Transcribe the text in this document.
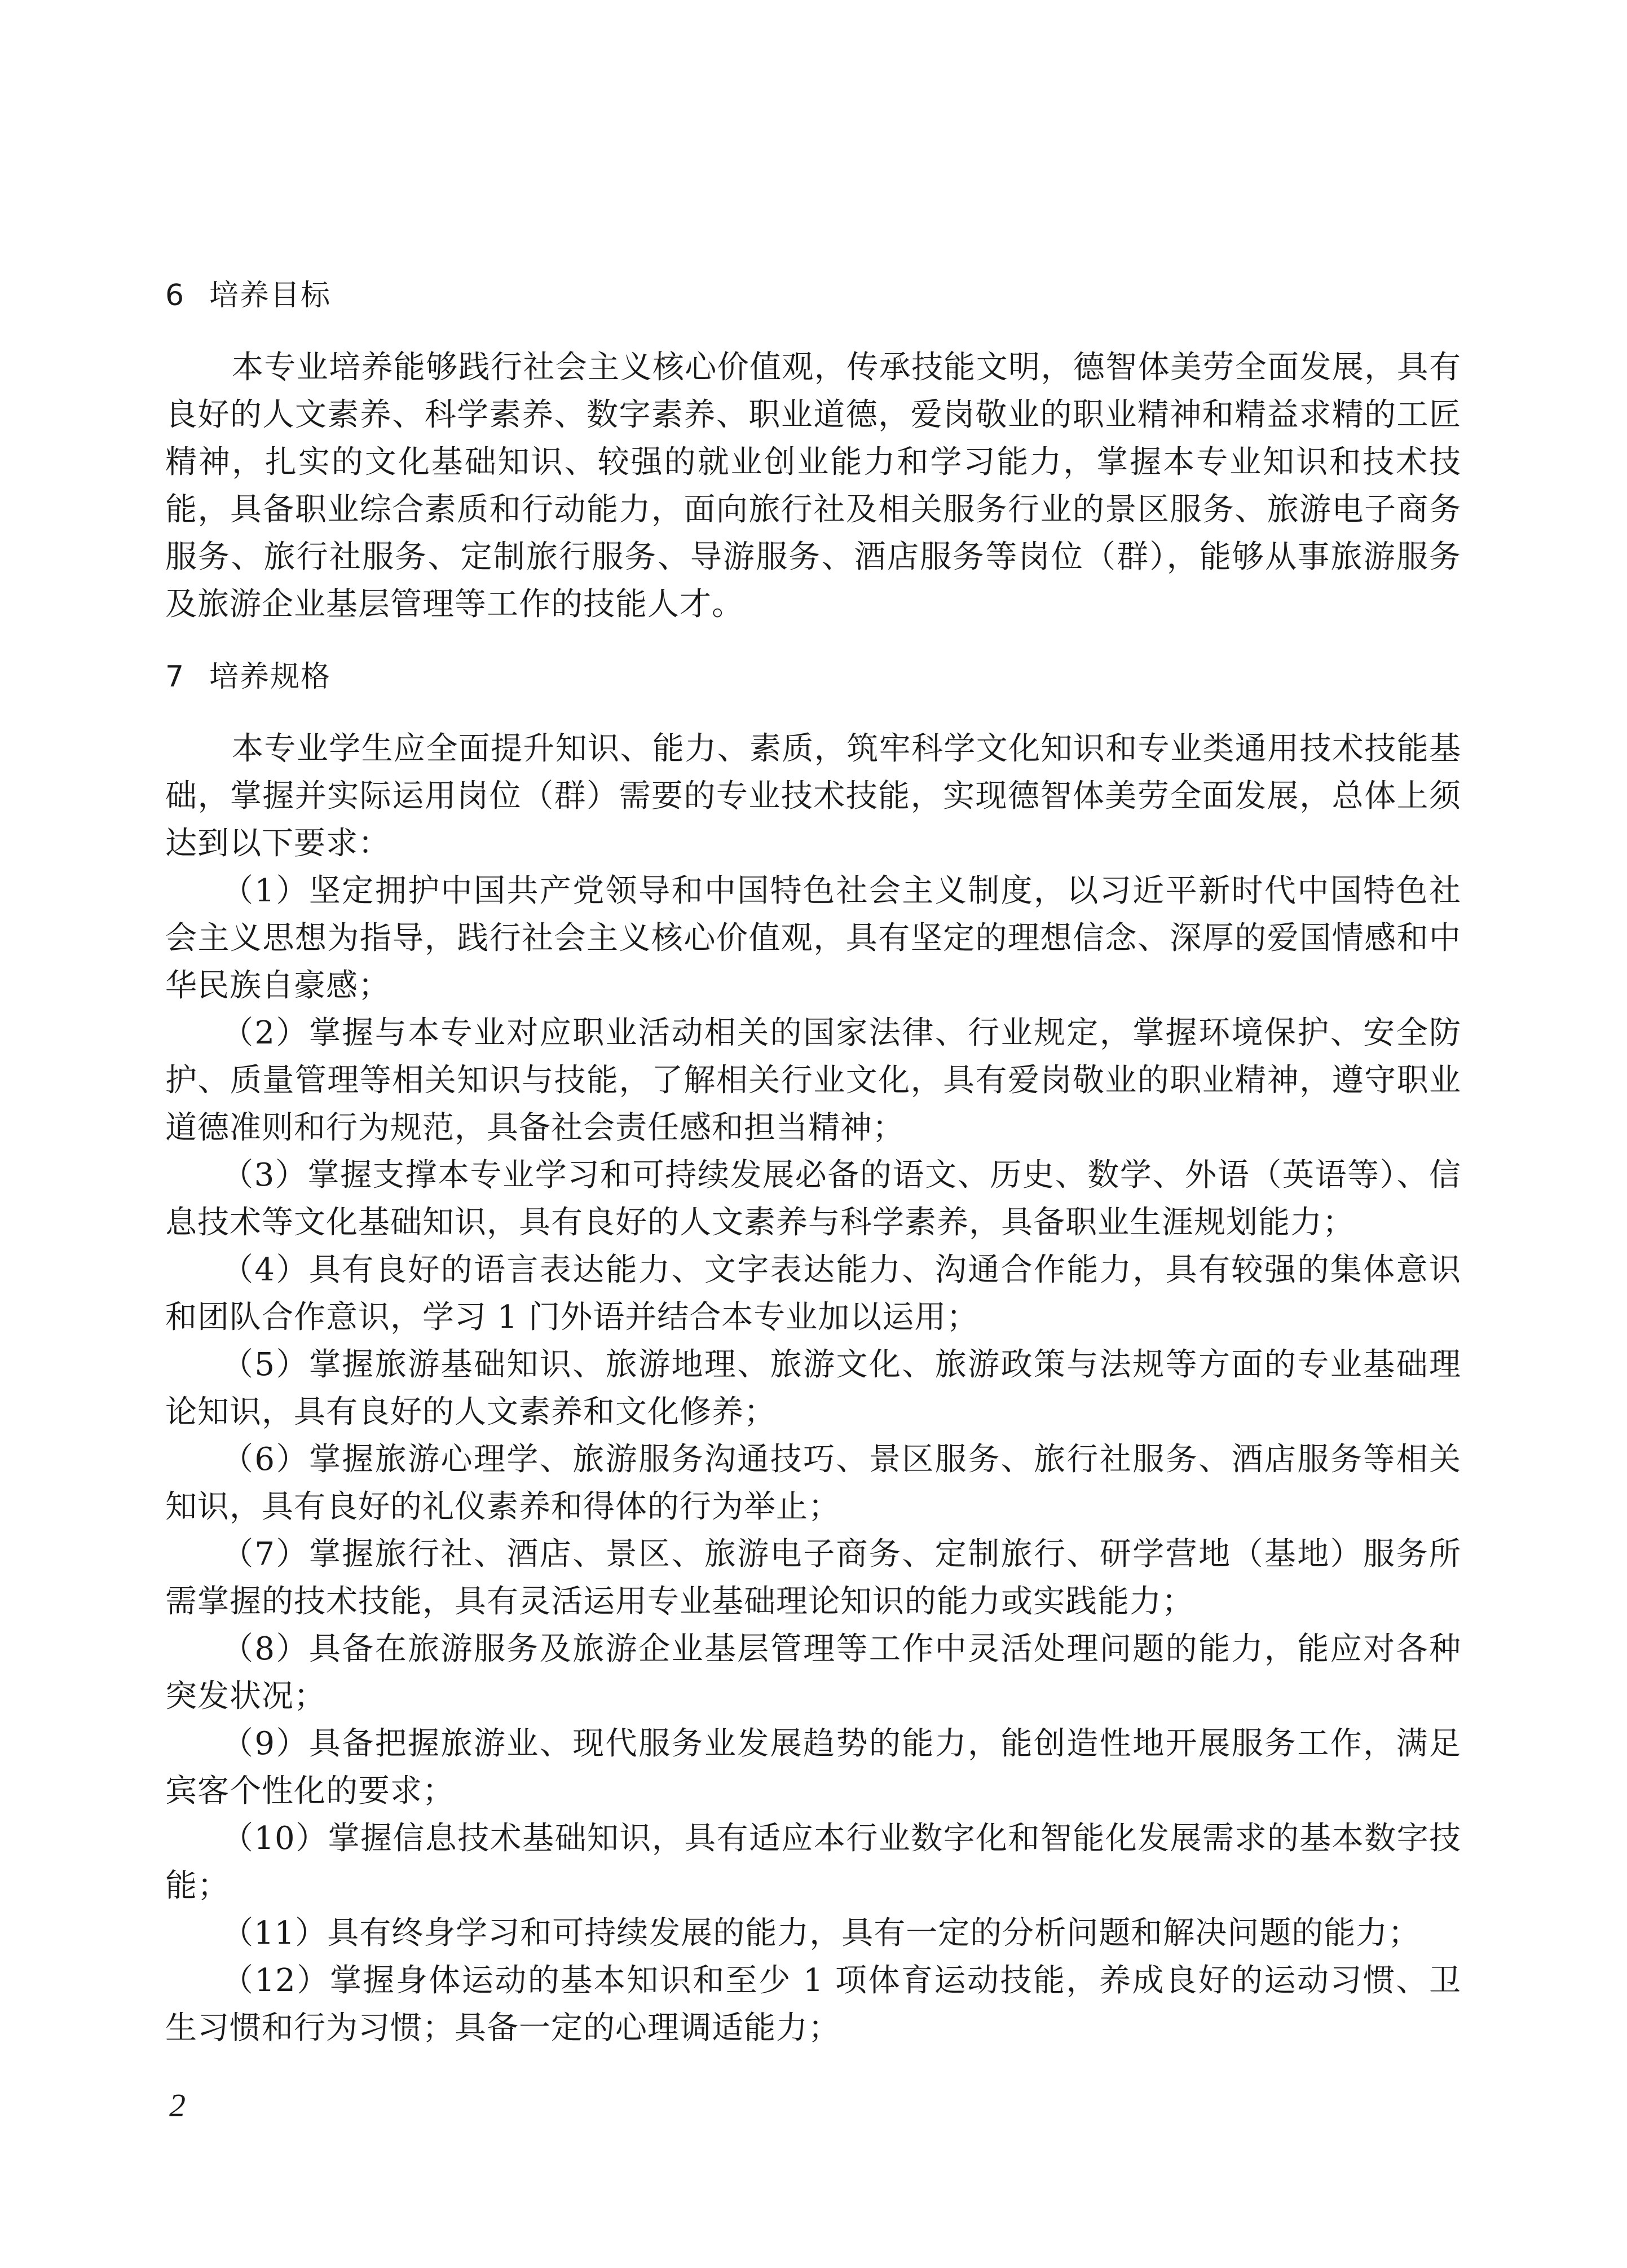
6 培养目标

本专业培养能够践行社会主义核心价值观，传承技能文明，德智体美劳全面发展，具有良好的人文素养、科学素养、数字素养、职业道德，爱岗敬业的职业精神和精益求精的工匠精神，扎实的文化基础知识、较强的就业创业能力和学习能力，掌握本专业知识和技术技能，具备职业综合素质和行动能力，面向旅行社及相关服务行业的景区服务、旅游电子商务服务、旅行社服务、定制旅行服务、导游服务、酒店服务等岗位（群），能够从事旅游服务及旅游企业基层管理等工作的技能人才。

7 培养规格

本专业学生应全面提升知识、能力、素质，筑牢科学文化知识和专业类通用技术技能基础，掌握并实际运用岗位（群）需要的专业技术技能，实现德智体美劳全面发展，总体上须达到以下要求：

（1）坚定拥护中国共产党领导和中国特色社会主义制度，以习近平新时代中国特色社会主义思想为指导，践行社会主义核心价值观，具有坚定的理想信念、深厚的爱国情感和中华民族自豪感；

（2）掌握与本专业对应职业活动相关的国家法律、行业规定，掌握环境保护、安全防护、质量管理等相关知识与技能，了解相关行业文化，具有爱岗敬业的职业精神，遵守职业道德准则和行为规范，具备社会责任感和担当精神；

（3）掌握支撑本专业学习和可持续发展必备的语文、历史、数学、外语（英语等）、信息技术等文化基础知识，具有良好的人文素养与科学素养，具备职业生涯规划能力；

（4）具有良好的语言表达能力、文字表达能力、沟通合作能力，具有较强的集体意识和团队合作意识，学习 1 门外语并结合本专业加以运用；

（5）掌握旅游基础知识、旅游地理、旅游文化、旅游政策与法规等方面的专业基础理论知识，具有良好的人文素养和文化修养；

（6）掌握旅游心理学、旅游服务沟通技巧、景区服务、旅行社服务、酒店服务等相关知识，具有良好的礼仪素养和得体的行为举止；

（7）掌握旅行社、酒店、景区、旅游电子商务、定制旅行、研学营地（基地）服务所需掌握的技术技能，具有灵活运用专业基础理论知识的能力或实践能力；

（8）具备在旅游服务及旅游企业基层管理等工作中灵活处理问题的能力，能应对各种突发状况；

（9）具备把握旅游业、现代服务业发展趋势的能力，能创造性地开展服务工作，满足宾客个性化的要求；

（10）掌握信息技术基础知识，具有适应本行业数字化和智能化发展需求的基本数字技能；

（11）具有终身学习和可持续发展的能力，具有一定的分析问题和解决问题的能力；

（12）掌握身体运动的基本知识和至少 1 项体育运动技能，养成良好的运动习惯、卫生习惯和行为习惯；具备一定的心理调适能力；

2
